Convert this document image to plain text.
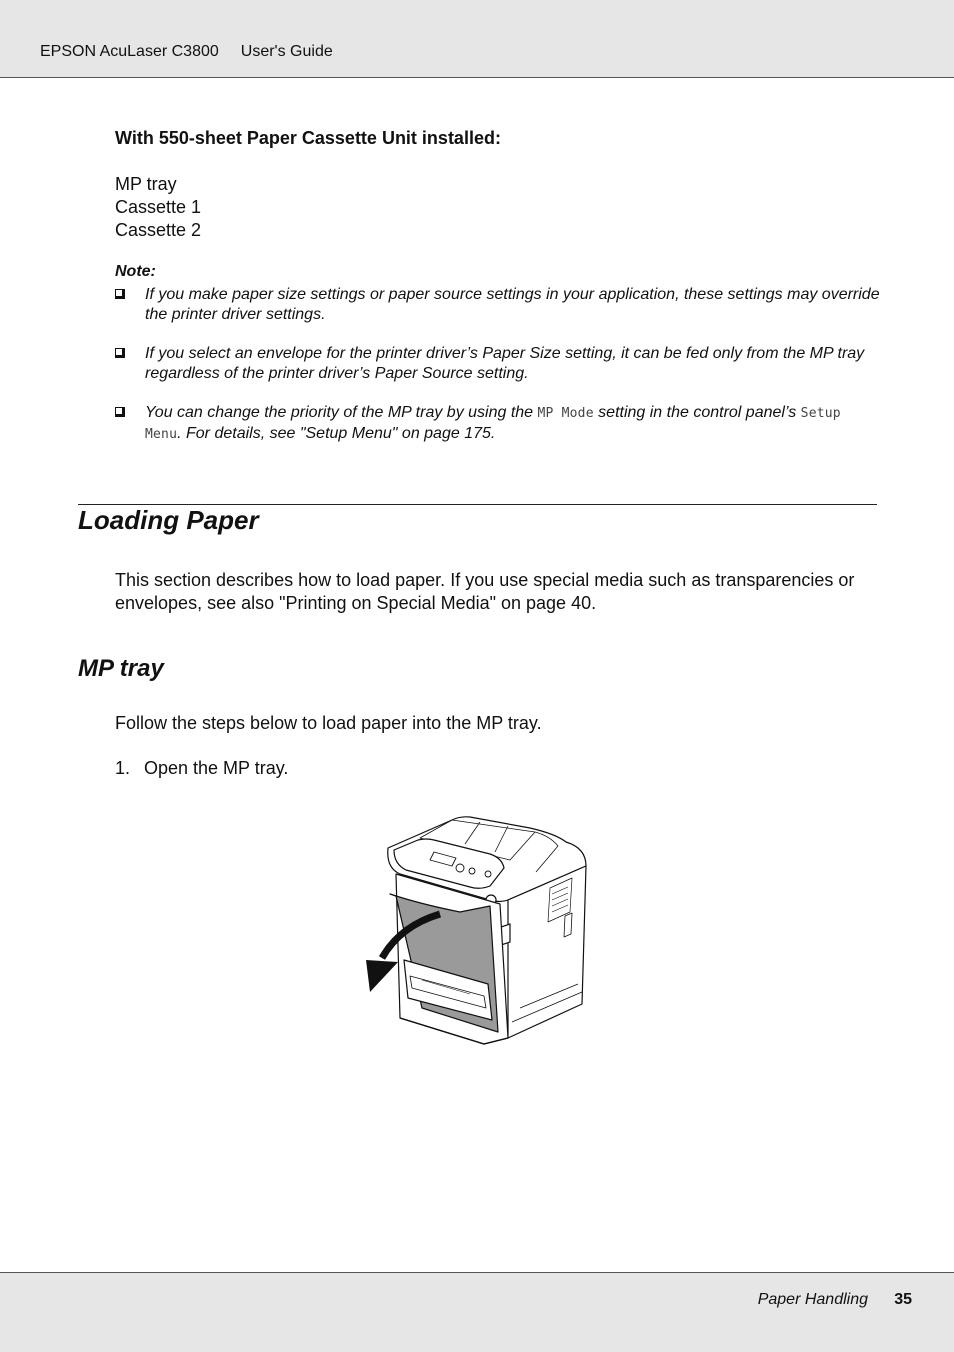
EPSON AcuLaser C3800 User's Guide
With 550-sheet Paper Cassette Unit installed:
MP tray
Cassette 1
Cassette 2
Note:
If you make paper size settings or paper source settings in your application, these settings may override the printer driver settings.
If you select an envelope for the printer driver’s Paper Size setting, it can be fed only from the MP tray regardless of the printer driver’s Paper Source setting.
You can change the priority of the MP tray by using the MP Mode setting in the control panel’s Setup Menu. For details, see "Setup Menu" on page 175.
Loading Paper
This section describes how to load paper. If you use special media such as transparencies or envelopes, see also "Printing on Special Media" on page 40.
MP tray
Follow the steps below to load paper into the MP tray.
1. Open the MP tray.
Paper Handling 35
